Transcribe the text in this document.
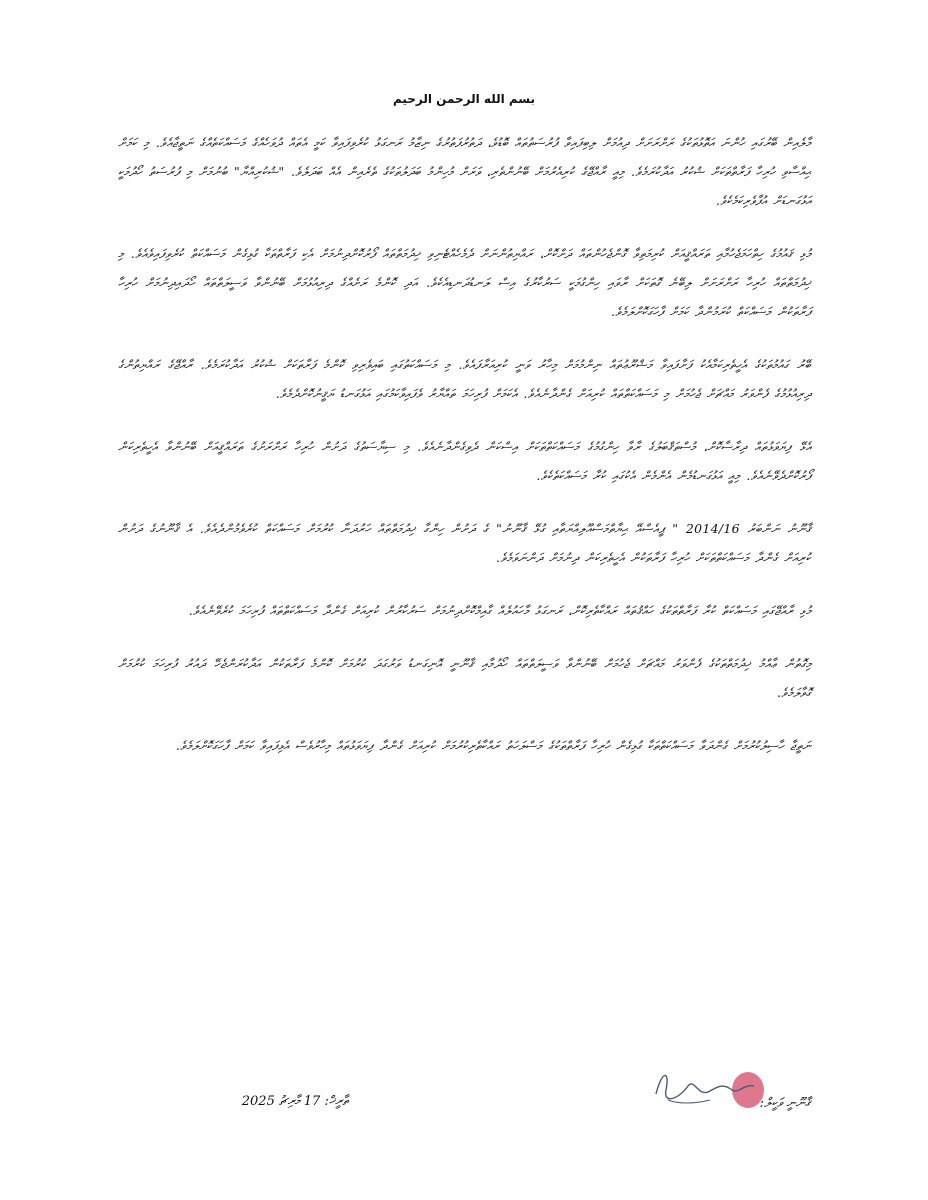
بسم الله الرحمن الرحيم

މާލެއިން ބޭރުގައި ހުންނަ އަތޮޅުތަކުގެ ރަށްރަށަށް ދިއުމަށް ލިބިފައިވާ ފުރުސަތުތައް ބޮޑުވެ، ދަތުރުފަތުރުގެ ނިޒާމު ރަނގަޅު ކުރެވިފައިވާ ކަމީ އެތައް ދުވަހެއްގެ މަސައްކަތެއްގެ ނަތީޖާއެވެ. މި ކަމަށް ޙިއްސާވި ހުރިހާ ފަރާތްތަކަށް ޝުކުރު އަދާކުރަމެވެ. މިއީ ރާއްޖޭގެ ކުރިއެރުމަށް ބޭނުންތެރި، ވަރަށް މުހިންމު ބަދަލުތަކުގެ ތެރެއިން އެއް ބަދަލެވެ. "ޝުކުރިއްޔާ" ބުނުމަށް މި ފުރުސަތު ހޯދުމަކީ އަޅުގަނޑަށް އުފާވެރިކަމެކެވެ.

މުޅި ޤައުމުގެ ހިތްހަމަޖެހުމާއި ތަރައްޤީއަށް ކުރިމަތިވާ ގޮންޖެހުންތައް ދަށްކޮށް، ރައްޔިތުންނަށް ދެމެހެއްޓެނިވި ޚިދުމަތްތައް ފޯރުކޮށްދިނުމަށް އެކި ފަރާތްތަކާ ގުޅިގެން މަސައްކަތް ކުރެވިފައިވެއެވެ. މި ޚިދުމަތްތައް ހުރިހާ ރަށްރަށަށް ލިބޭނެ ގޮތަކަށް ރާވައި ހިންގުމަކީ ސަރުކާރުގެ އިސް ލަނޑުދަނޑިއެކެވެ. އަދި ކޮންމެ ރަށެއްގެ ދިރިއުޅުމަށް ބޭނުންވާ ވަސީލަތްތައް ހޯދައިދިނުމަށް ހުރިހާ ފަރާތަކުން މަސައްކަތް ކުރަމުންދާ ކަމަށް ފާހަގަކޮށްލަމެވެ.

ބޭރު ގައުމުތަކުގެ އެހީތެރިކަމާއެކު ފަށާފައިވާ މަޝްރޫޢުތައް ނިންމުމަށް މިހާރު ވަނީ ކުރިއަރާފައެވެ. މި މަސައްކަތުގައި ބައިވެރިވި ކޮންމެ ފަރާތަކަށް ޝުކުރު އަދާކުރަމެވެ. ރާއްޖޭގެ ރައްޔިތުންގެ ދިރިއުޅުމުގެ ފެންވަރު މައްޗަށް ޖެހުމަށް މި މަސައްކަތްތައް ކުރިއަށް ގެންދާނެއެވެ. އެކަމަށް ފުރިހަމަ ތައްޔާރު ވެފައިވާކަމުގައި އަޅުގަނޑު ޔަޤީނުކޮށްދެމެވެ.

އެޅޭ ފިޔަވަޅުތައް ދިރާސާކޮށް، މުސްތަޤްބަލުގެ ރާވާ ހިންގުމުގެ މަސައްކަތްތަކަށް އިސްކަން ދެވިގެންދާނެއެވެ. މި ސިޔާސަތުގެ ދަށުން ހުރިހާ ރަށްރަށުގެ ތަރައްޤީއަށް ބޭނުންވާ އެހީތެރިކަން ފޯރުކޮށްދެވޭނެއެވެ. މިއީ އަޅުގަނޑުމެން އެންމެން އެކުގައި ކުރާ މަސައްކަތެކެވެ.

ޤާނޫނު ނަންބަރު 2014/16 " ޕީއެސްއޭ ޙިޔާތްމަސްއޫލިއްޔަތާއި ގުޅޭ ޤާނޫނު" ގެ ދަށުން ހިންގާ ޚިދުމަތްތައް ހަރުދަނާ ކުރުމަށް މަސައްކަތް ކުރެވެމުންދެއެވެ. އެ ޤާނޫނުގެ ދަށުން ކުރިއަށް ގެންދާ މަސައްކަތްތަކަށް ހުރިހާ ފަރާތަކުން އެހީތެރިކަން ދިނުމަށް ދަންނަވަމެވެ.

މުޅި ރާއްޖޭގައި މަސައްކަތް ކުރާ ފަރާތްތަކުގެ ހައްޤުތައް ރައްކާތެރިކޮށް، ރަނގަޅު މާހައުލެއް ގާއިމްކޮށްދިނުމަށް ސަރުކާރުން ކުރިއަށް ގެންދާ މަސައްކަތްތައް ފުރިހަމަ ކުރެވޭނެއެވެ.

މިގޮތުން ޢާއްމު ޚިދުމަތްތަކުގެ ފެންވަރު މައްޗަށް ޖެހުމަށް ބޭނުންވާ ވަސީލަތްތައް ހޯދުމާއި ޤާނޫނީ އޮނިގަނޑު ވަރުގަދަ ކުރުމަށް ކޮންމެ ފަރާތަކުން އަދާކުރަންޖެހޭ ދައުރު ފުރިހަމަ ކުރުމަށް ގޮވާލަމެވެ.

ނަތީޖާ ހާސިލުކުރުމަށް ގެންދަވާ މަސައްކަތްތަކާ ގުޅިގެން ހުރިހާ ފަރާތްތަކުގެ މަސްލަހަތު ރައްކާތެރިކުރުމަށް ކުރިއަށް ގެންދާ ފިޔަވަޅުތައް މިހާރުވެސް އެޅިފައިވާ ކަމަށް ފާހަގަކޮށްލަމެވެ.

ތާރީޚް: 17 މާރިޗު 2025	ޤާނޫނީ ވަކީލް:
